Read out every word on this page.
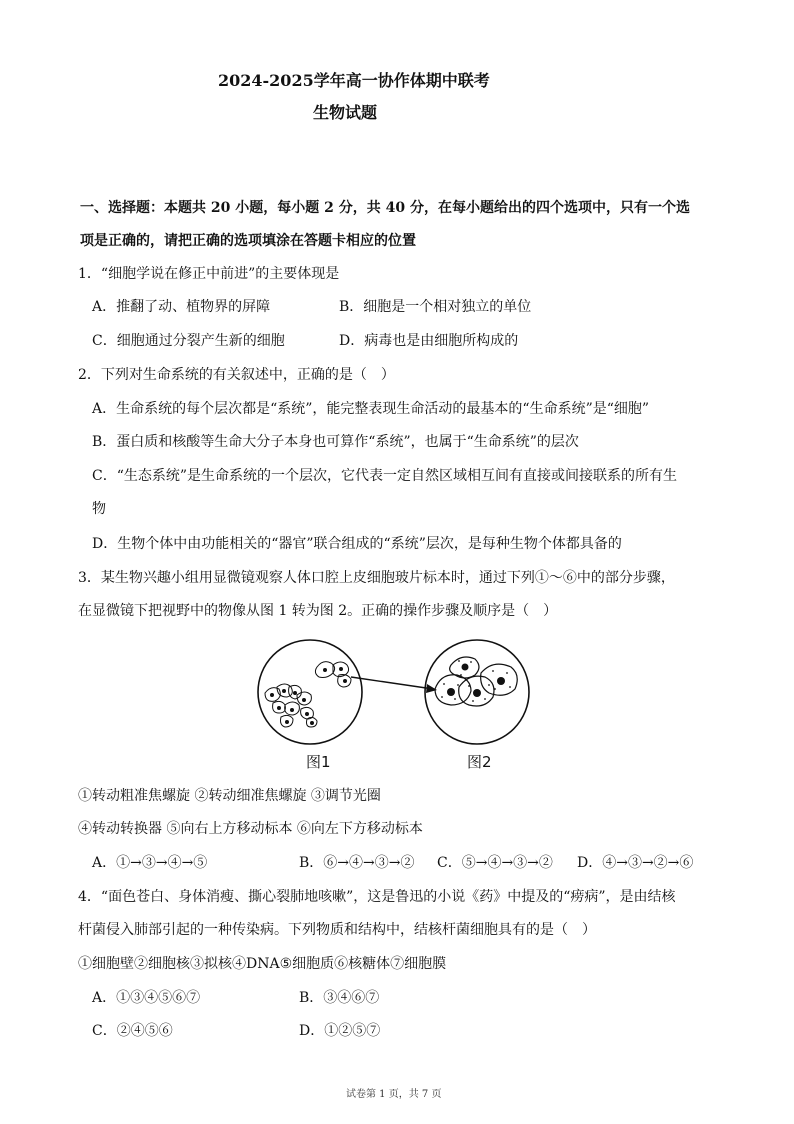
2024-2025学年高一协作体期中联考
生物试题
一、选择题：本题共 20 小题，每小题 2 分，共 40 分，在每小题给出的四个选项中，只有一个选
项是正确的，请把正确的选项填涂在答题卡相应的位置
1．“细胞学说在修正中前进”的主要体现是
A．推翻了动、植物界的屏障	B．细胞是一个相对独立的单位
C．细胞通过分裂产生新的细胞	D．病毒也是由细胞所构成的
2．下列对生命系统的有关叙述中，正确的是（　）
A．生命系统的每个层次都是“系统”，能完整表现生命活动的最基本的“生命系统”是“细胞”
B．蛋白质和核酸等生命大分子本身也可算作“系统”，也属于“生命系统”的层次
C．“生态系统”是生命系统的一个层次，它代表一定自然区域相互间有直接或间接联系的所有生
物
D．生物个体中由功能相关的“器官”联合组成的“系统”层次，是每种生物个体都具备的
3．某生物兴趣小组用显微镜观察人体口腔上皮细胞玻片标本时，通过下列①～⑥中的部分步骤，
在显微镜下把视野中的物像从图 1 转为图 2。正确的操作步骤及顺序是（　）
图1	图2
①转动粗准焦螺旋 ②转动细准焦螺旋 ③调节光圈
④转动转换器 ⑤向右上方移动标本 ⑥向左下方移动标本
A．①→③→④→⑤	B．⑥→④→③→② C．⑤→④→③→② D．④→③→②→⑥
4．“面色苍白、身体消瘦、撕心裂肺地咳嗽”，这是鲁迅的小说《药》中提及的“痨病”，是由结核
杆菌侵入肺部引起的一种传染病。下列物质和结构中，结核杆菌细胞具有的是（　）
①细胞壁②细胞核③拟核④DNA⑤细胞质⑥核糖体⑦细胞膜
A．①③④⑤⑥⑦	B．③④⑥⑦
C．②④⑤⑥	D．①②⑤⑦
试卷第 1 页，共 7 页
